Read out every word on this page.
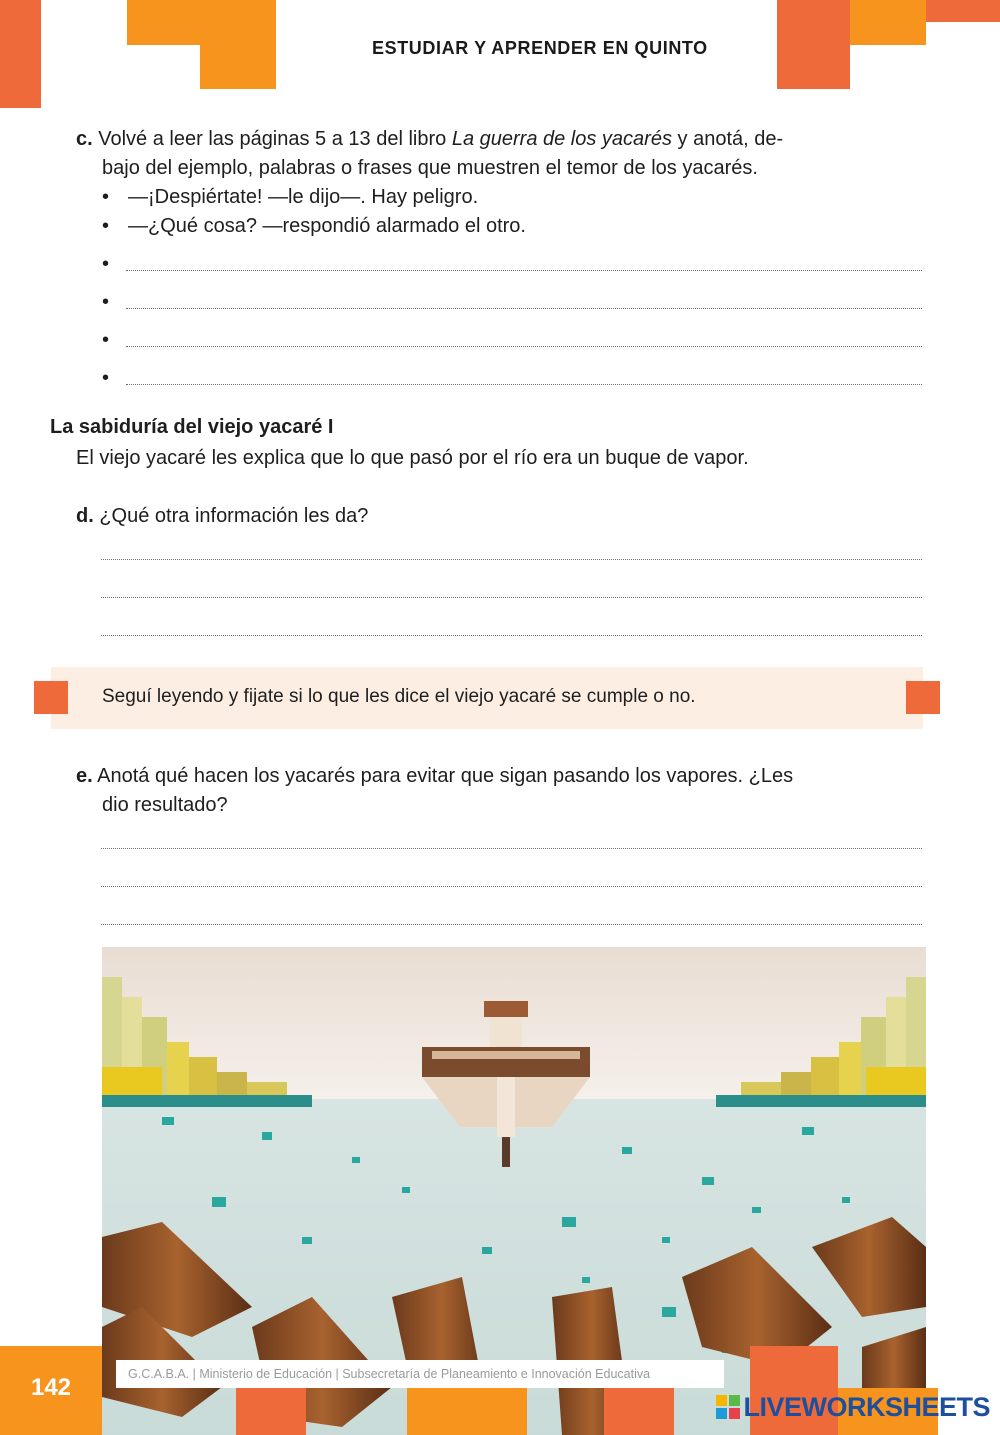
ESTUDIAR Y APRENDER EN QUINTO
c. Volvé a leer las páginas 5 a 13 del libro La guerra de los yacarés y anotá, de-
bajo del ejemplo, palabras o frases que muestren el temor de los yacarés.
• —¡Despiértate! —le dijo—. Hay peligro.
• —¿Qué cosa? —respondió alarmado el otro.
•
•
•
•
La sabiduría del viejo yacaré I
El viejo yacaré les explica que lo que pasó por el río era un buque de vapor.
d. ¿Qué otra información les da?
Seguí leyendo y fijate si lo que les dice el viejo yacaré se cumple o no.
e. Anotá qué hacen los yacarés para evitar que sigan pasando los vapores. ¿Les
dio resultado?
G.C.A.B.A. | Ministerio de Educación | Subsecretaría de Planeamiento e Innovación Educativa
142
LIVEWORKSHEETS
